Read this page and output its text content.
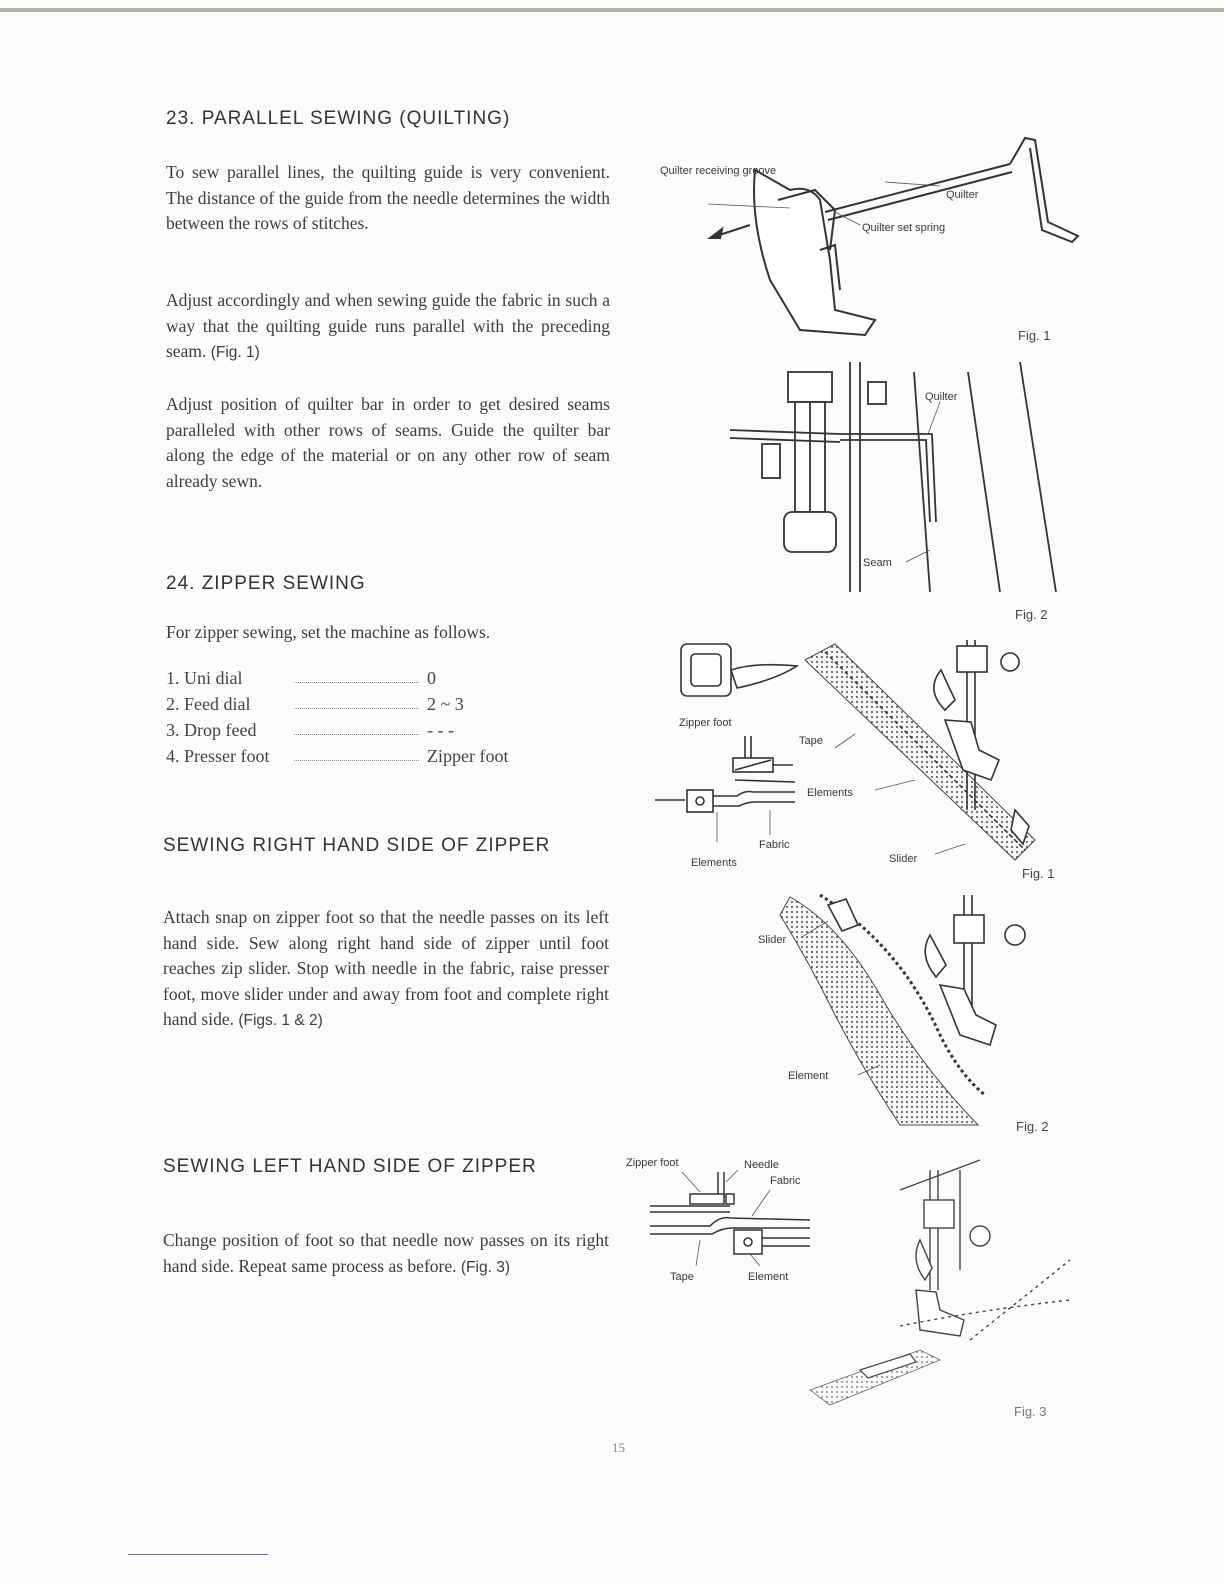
23. PARALLEL SEWING (QUILTING)

To sew parallel lines, the quilting guide is very convenient. The distance of the guide from the needle determines the width between the rows of stitches.

Adjust accordingly and when sewing guide the fabric in such a way that the quilting guide runs parallel with the preceding seam. (Fig. 1)

Adjust position of quilter bar in order to get desired seams paralleled with other rows of seams. Guide the quilter bar along the edge of the material or on any other row of seam already sewn.

24. ZIPPER SEWING

For zipper sewing, set the machine as follows.

1. Uni dial	0
2. Feed dial	2 ~ 3
3. Drop feed	- - -
4. Presser foot	Zipper foot
SEWING RIGHT HAND SIDE OF ZIPPER

Attach snap on zipper foot so that the needle passes on its left hand side. Sew along right hand side of zipper until foot reaches zip slider. Stop with needle in the fabric, raise presser foot, move slider under and away from foot and complete right hand side. (Figs. 1 & 2)

SEWING LEFT HAND SIDE OF ZIPPER

Change position of foot so that needle now passes on its right hand side. Repeat same process as before. (Fig. 3)

Quilter receiving groove
Quilter
Quilter set spring
Fig. 1
Quilter
Seam
Fig. 2
Zipper foot
Tape
Elements
Fabric
Elements	Slider
Fig. 1
Slider
Element
Fig. 2
Zipper foot	Needle
Fabric
Tape	Element
Fig. 3
15
